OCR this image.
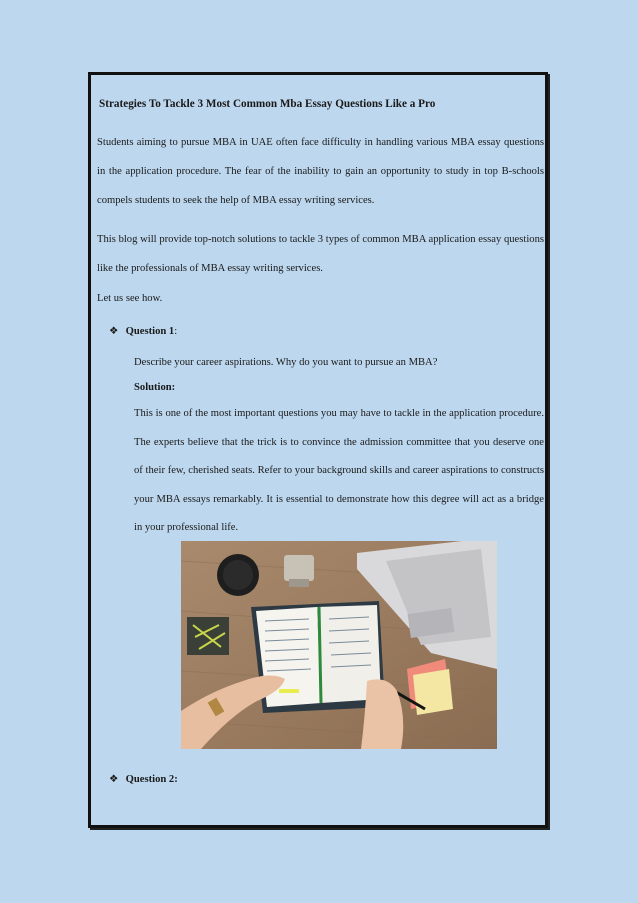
Strategies To Tackle 3 Most Common Mba Essay Questions Like a Pro
Students aiming to pursue MBA in UAE often face difficulty in handling various MBA essay questions in the application procedure. The fear of the inability to gain an opportunity to study in top B-schools compels students to seek the help of MBA essay writing services.
This blog will provide top-notch solutions to tackle 3 types of common MBA application essay questions like the professionals of MBA essay writing services.
Let us see how.
❖ Question 1:
Describe your career aspirations. Why do you want to pursue an MBA?
Solution:
This is one of the most important questions you may have to tackle in the application procedure. The experts believe that the trick is to convince the admission committee that you deserve one of their few, cherished seats. Refer to your background skills and career aspirations to constructs your MBA essays remarkably. It is essential to demonstrate how this degree will act as a bridge in your professional life.
❖ Question 2:
